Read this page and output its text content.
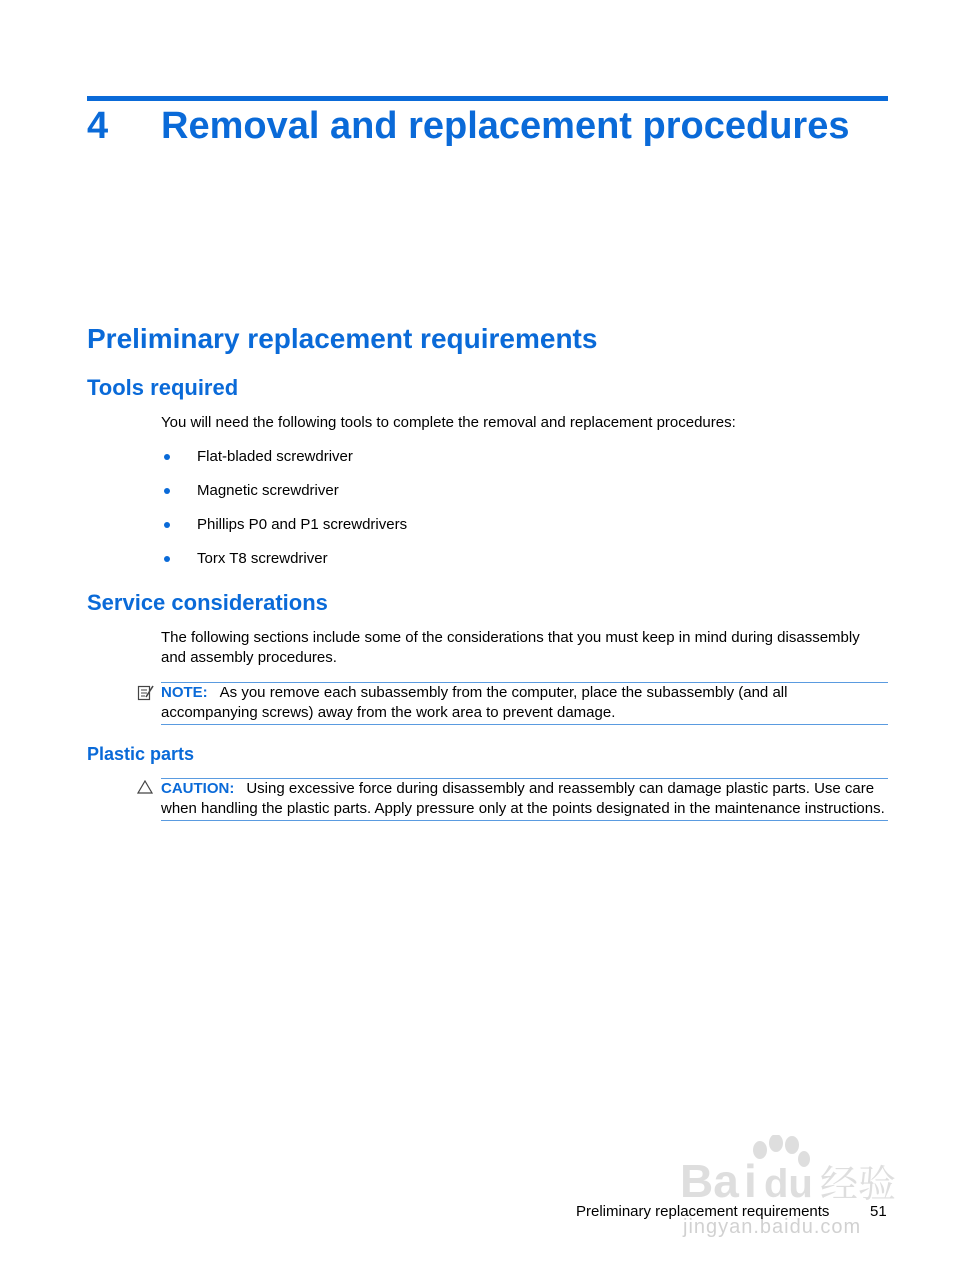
4 Removal and replacement procedures
Preliminary replacement requirements
Tools required
You will need the following tools to complete the removal and replacement procedures:
Flat-bladed screwdriver
Magnetic screwdriver
Phillips P0 and P1 screwdrivers
Torx T8 screwdriver
Service considerations
The following sections include some of the considerations that you must keep in mind during disassembly and assembly procedures.
NOTE: As you remove each subassembly from the computer, place the subassembly (and all accompanying screws) away from the work area to prevent damage.
Plastic parts
CAUTION: Using excessive force during disassembly and reassembly can damage plastic parts. Use care when handling the plastic parts. Apply pressure only at the points designated in the maintenance instructions.
Ba i du 经验
jingyan.baidu.com
Preliminary replacement requirements	51
